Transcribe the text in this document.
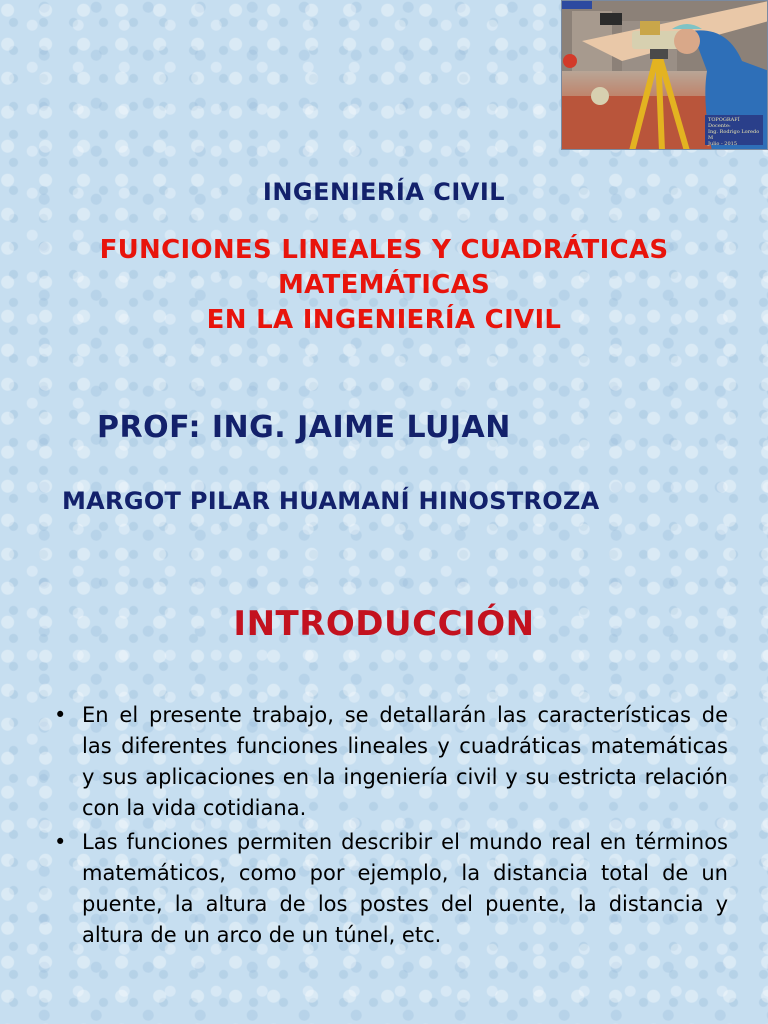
TOPOGRAFÍ
Docente:
Ing. Rodrigo Loredo M
Julio - 2015
INGENIERÍA CIVIL
FUNCIONES LINEALES Y CUADRÁTICAS
MATEMÁTICAS
EN LA INGENIERÍA CIVIL
PROF: ING. JAIME LUJAN
MARGOT PILAR HUAMANÍ HINOSTROZA
INTRODUCCIÓN
• En el presente trabajo, se detallarán las características de las diferentes funciones lineales y cuadráticas matemáticas y sus aplicaciones en la ingeniería civil y su estricta relación con la vida cotidiana.
• Las funciones permiten describir el mundo real en términos matemáticos, como por ejemplo, la distancia total de un puente, la altura de los postes del puente, la distancia y altura de un arco de un túnel, etc.
